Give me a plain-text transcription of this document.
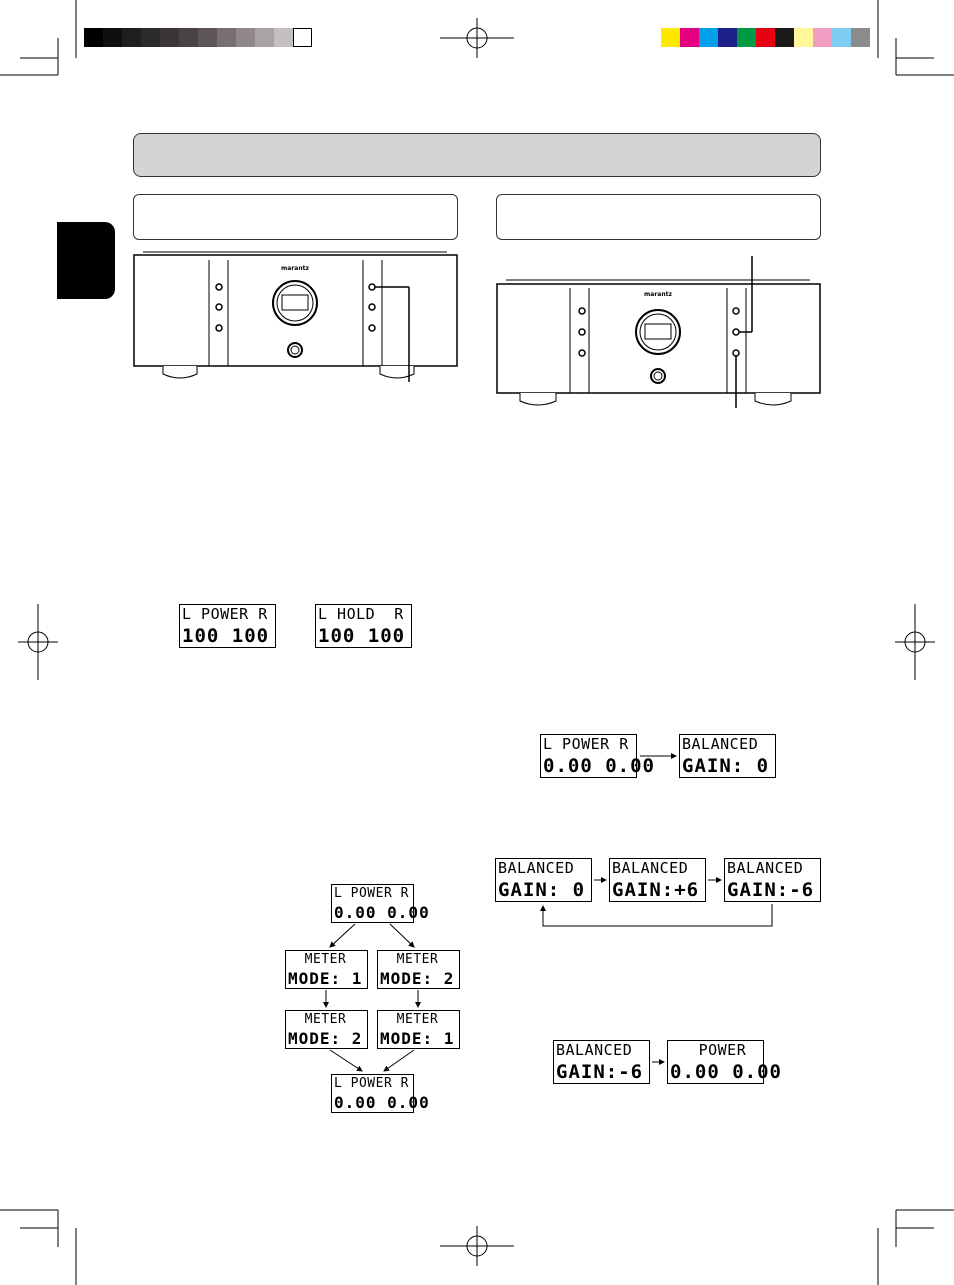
marantz
marantz

L POWER R

100 100

L HOLD  R

100 100

L POWER R

0.00 0.00

BALANCED

GAIN: 0

BALANCED

GAIN: 0

BALANCED

GAIN:+6

BALANCED

GAIN:-6

BALANCED

GAIN:-6

POWER

0.00 0.00

L POWER R

0.00 0.00

METER

MODE: 1

METER

MODE: 2

METER

MODE: 2

METER

MODE: 1

L POWER R

0.00 0.00
